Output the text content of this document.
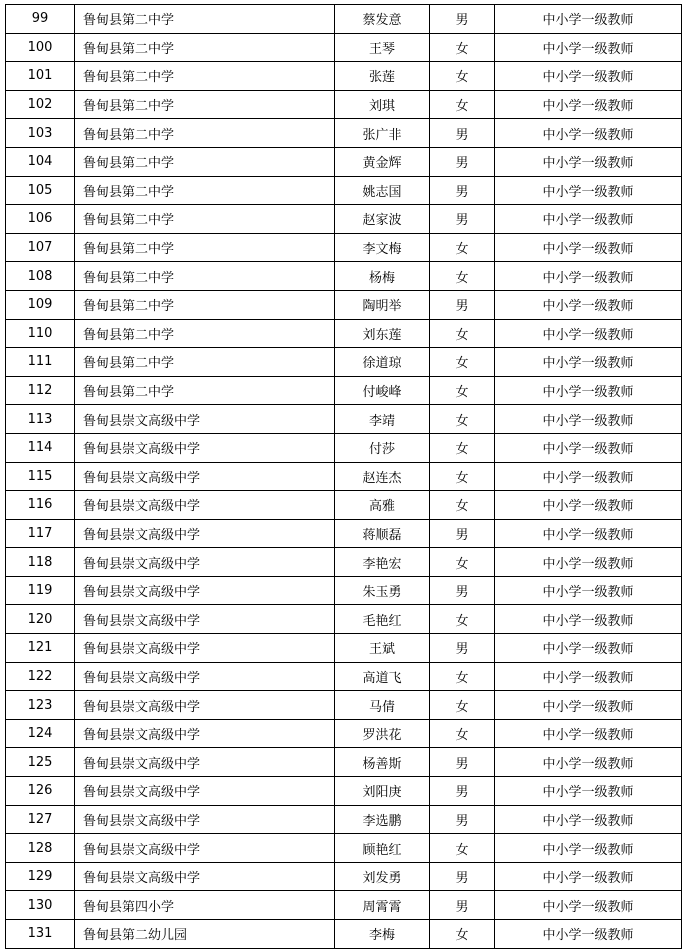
99	鲁甸县第二中学	蔡发意	男	中小学一级教师
100	鲁甸县第二中学	王琴	女	中小学一级教师
101	鲁甸县第二中学	张莲	女	中小学一级教师
102	鲁甸县第二中学	刘琪	女	中小学一级教师
103	鲁甸县第二中学	张广非	男	中小学一级教师
104	鲁甸县第二中学	黄金辉	男	中小学一级教师
105	鲁甸县第二中学	姚志国	男	中小学一级教师
106	鲁甸县第二中学	赵家波	男	中小学一级教师
107	鲁甸县第二中学	李文梅	女	中小学一级教师
108	鲁甸县第二中学	杨梅	女	中小学一级教师
109	鲁甸县第二中学	陶明举	男	中小学一级教师
110	鲁甸县第二中学	刘东莲	女	中小学一级教师
111	鲁甸县第二中学	徐道琼	女	中小学一级教师
112	鲁甸县第二中学	付峻峰	女	中小学一级教师
113	鲁甸县崇文高级中学	李靖	女	中小学一级教师
114	鲁甸县崇文高级中学	付莎	女	中小学一级教师
115	鲁甸县崇文高级中学	赵连杰	女	中小学一级教师
116	鲁甸县崇文高级中学	高雅	女	中小学一级教师
117	鲁甸县崇文高级中学	蒋顺磊	男	中小学一级教师
118	鲁甸县崇文高级中学	李艳宏	女	中小学一级教师
119	鲁甸县崇文高级中学	朱玉勇	男	中小学一级教师
120	鲁甸县崇文高级中学	毛艳红	女	中小学一级教师
121	鲁甸县崇文高级中学	王斌	男	中小学一级教师
122	鲁甸县崇文高级中学	高道飞	女	中小学一级教师
123	鲁甸县崇文高级中学	马倩	女	中小学一级教师
124	鲁甸县崇文高级中学	罗洪花	女	中小学一级教师
125	鲁甸县崇文高级中学	杨善斯	男	中小学一级教师
126	鲁甸县崇文高级中学	刘阳庚	男	中小学一级教师
127	鲁甸县崇文高级中学	李选鹏	男	中小学一级教师
128	鲁甸县崇文高级中学	顾艳红	女	中小学一级教师
129	鲁甸县崇文高级中学	刘发勇	男	中小学一级教师
130	鲁甸县第四小学	周霄霄	男	中小学一级教师
131	鲁甸县第二幼儿园	李梅	女	中小学一级教师
